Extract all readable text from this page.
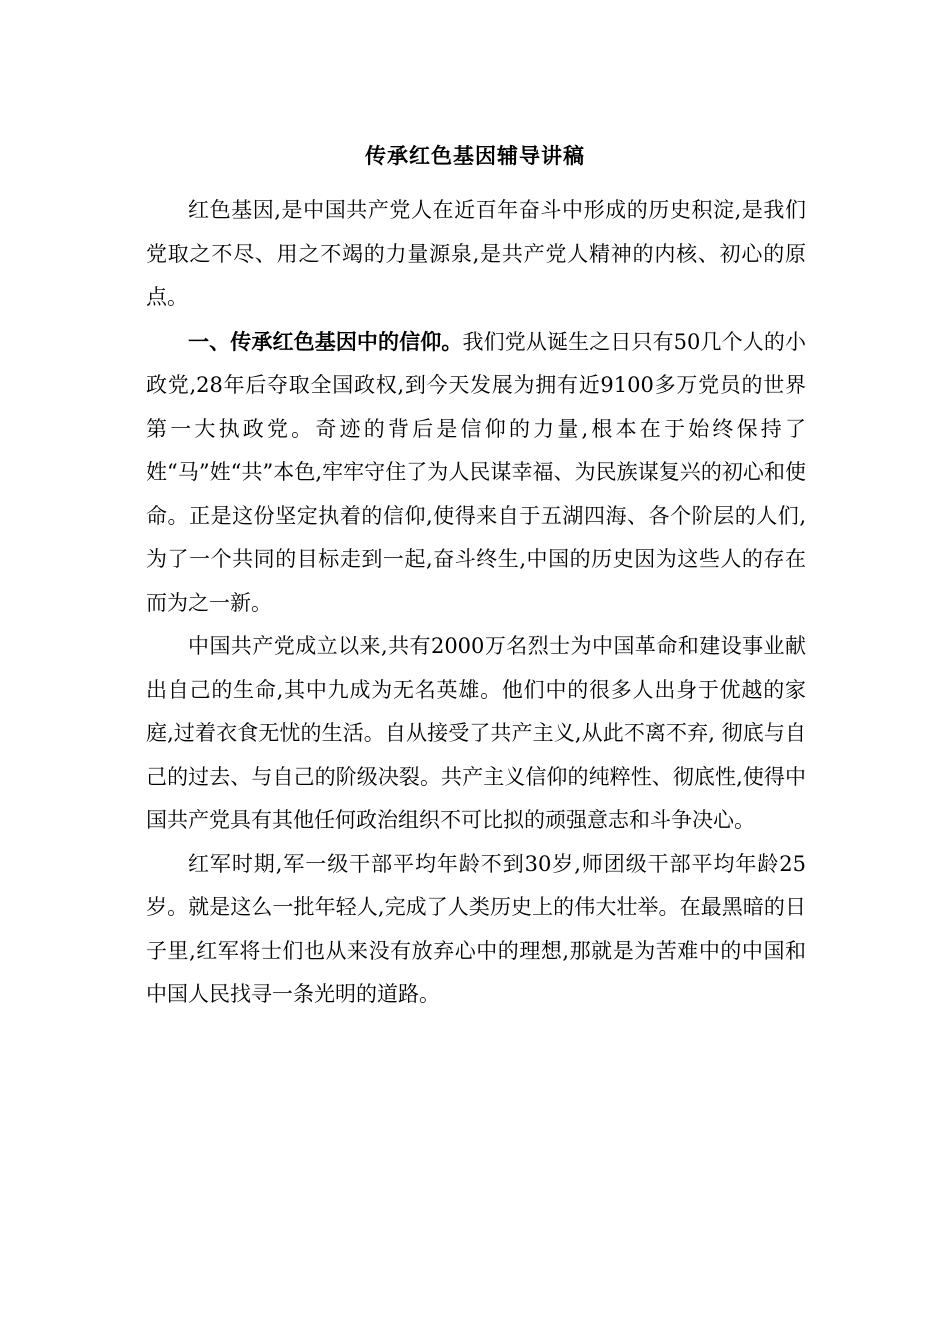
传承红色基因辅导讲稿

红色基因,是中国共产党人在近百年奋斗中形成的历史积淀,是我们党取之不尽、用之不竭的力量源泉,是共产党人精神的内核、初心的原点。

一、传承红色基因中的信仰。我们党从诞生之日只有50几个人的小政党,28年后夺取全国政权,到今天发展为拥有近9100多万党员的世界第一大执政党。奇迹的背后是信仰的力量,根本在于始终保持了姓“马”姓“共”本色,牢牢守住了为人民谋幸福、为民族谋复兴的初心和使命。正是这份坚定执着的信仰,使得来自于五湖四海、各个阶层的人们,为了一个共同的目标走到一起,奋斗终生,中国的历史因为这些人的存在而为之一新。

中国共产党成立以来,共有2000万名烈士为中国革命和建设事业献出自己的生命,其中九成为无名英雄。他们中的很多人出身于优越的家庭,过着衣食无忧的生活。自从接受了共产主义,从此不离不弃, 彻底与自己的过去、与自己的阶级决裂。共产主义信仰的纯粹性、彻底性,使得中国共产党具有其他任何政治组织不可比拟的顽强意志和斗争决心。

红军时期,军一级干部平均年龄不到30岁,师团级干部平均年龄25岁。就是这么一批年轻人,完成了人类历史上的伟大壮举。在最黑暗的日子里,红军将士们也从来没有放弃心中的理想,那就是为苦难中的中国和中国人民找寻一条光明的道路。
